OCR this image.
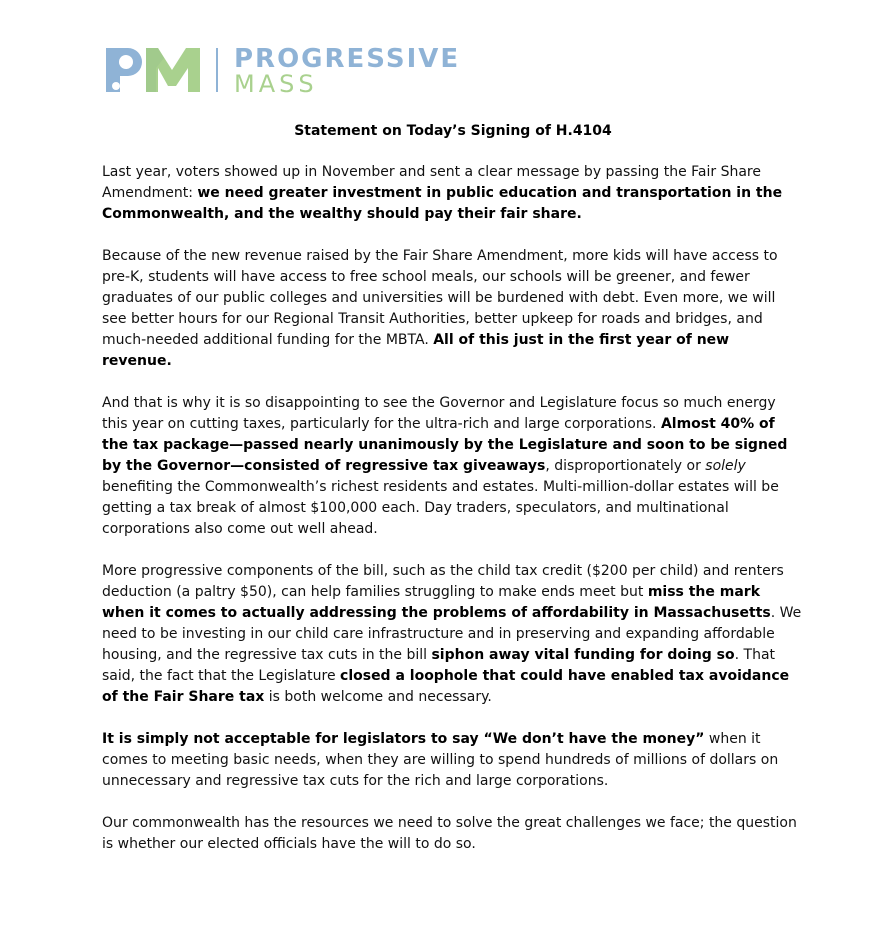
PROGRESSIVE
MASS
Statement on Today’s Signing of H.4104

Last year, voters showed up in November and sent a clear message by passing the Fair Share Amendment: we need greater investment in public education and transportation in the Commonwealth, and the wealthy should pay their fair share.

Because of the new revenue raised by the Fair Share Amendment, more kids will have access to pre-K, students will have access to free school meals, our schools will be greener, and fewer graduates of our public colleges and universities will be burdened with debt. Even more, we will see better hours for our Regional Transit Authorities, better upkeep for roads and bridges, and much-needed additional funding for the MBTA. All of this just in the first year of new revenue.

And that is why it is so disappointing to see the Governor and Legislature focus so much energy this year on cutting taxes, particularly for the ultra-rich and large corporations. Almost 40% of the tax package—passed nearly unanimously by the Legislature and soon to be signed by the Governor—consisted of regressive tax giveaways, disproportionately or solely benefiting the Commonwealth’s richest residents and estates. Multi-million-dollar estates will be getting a tax break of almost $100,000 each. Day traders, speculators, and multinational corporations also come out well ahead.

More progressive components of the bill, such as the child tax credit ($200 per child) and renters deduction (a paltry $50), can help families struggling to make ends meet but miss the mark when it comes to actually addressing the problems of affordability in Massachusetts. We need to be investing in our child care infrastructure and in preserving and expanding affordable housing, and the regressive tax cuts in the bill siphon away vital funding for doing so. That said, the fact that the Legislature closed a loophole that could have enabled tax avoidance of the Fair Share tax is both welcome and necessary.

It is simply not acceptable for legislators to say “We don’t have the money” when it comes to meeting basic needs, when they are willing to spend hundreds of millions of dollars on unnecessary and regressive tax cuts for the rich and large corporations.

Our commonwealth has the resources we need to solve the great challenges we face; the question is whether our elected officials have the will to do so.
